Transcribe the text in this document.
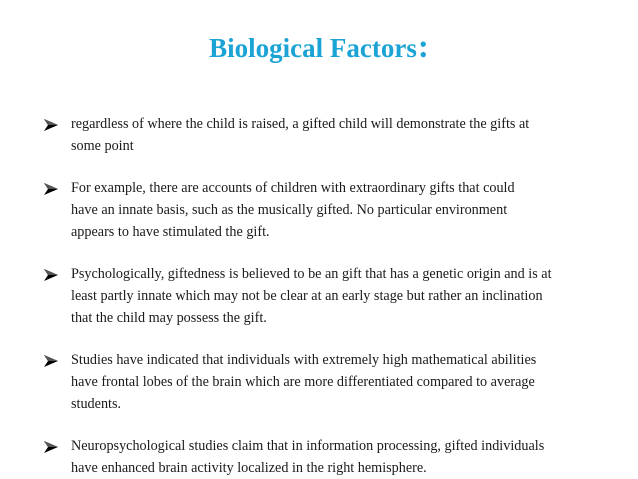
Biological Factors:
regardless of where the child is raised, a gifted child will demonstrate the gifts at
some point
For example, there are accounts of children with extraordinary gifts that could
have an innate basis, such as the musically gifted. No particular environment
appears to have stimulated the gift.
Psychologically, giftedness is believed to be an gift that has a genetic origin and is at
least partly innate which may not be clear at an early stage but rather an inclination
that the child may possess the gift.
Studies have indicated that individuals with extremely high mathematical abilities
have frontal lobes of the brain which are more differentiated compared to average
students.
Neuropsychological studies claim that in information processing, gifted individuals
have enhanced brain activity localized in the right hemisphere.
